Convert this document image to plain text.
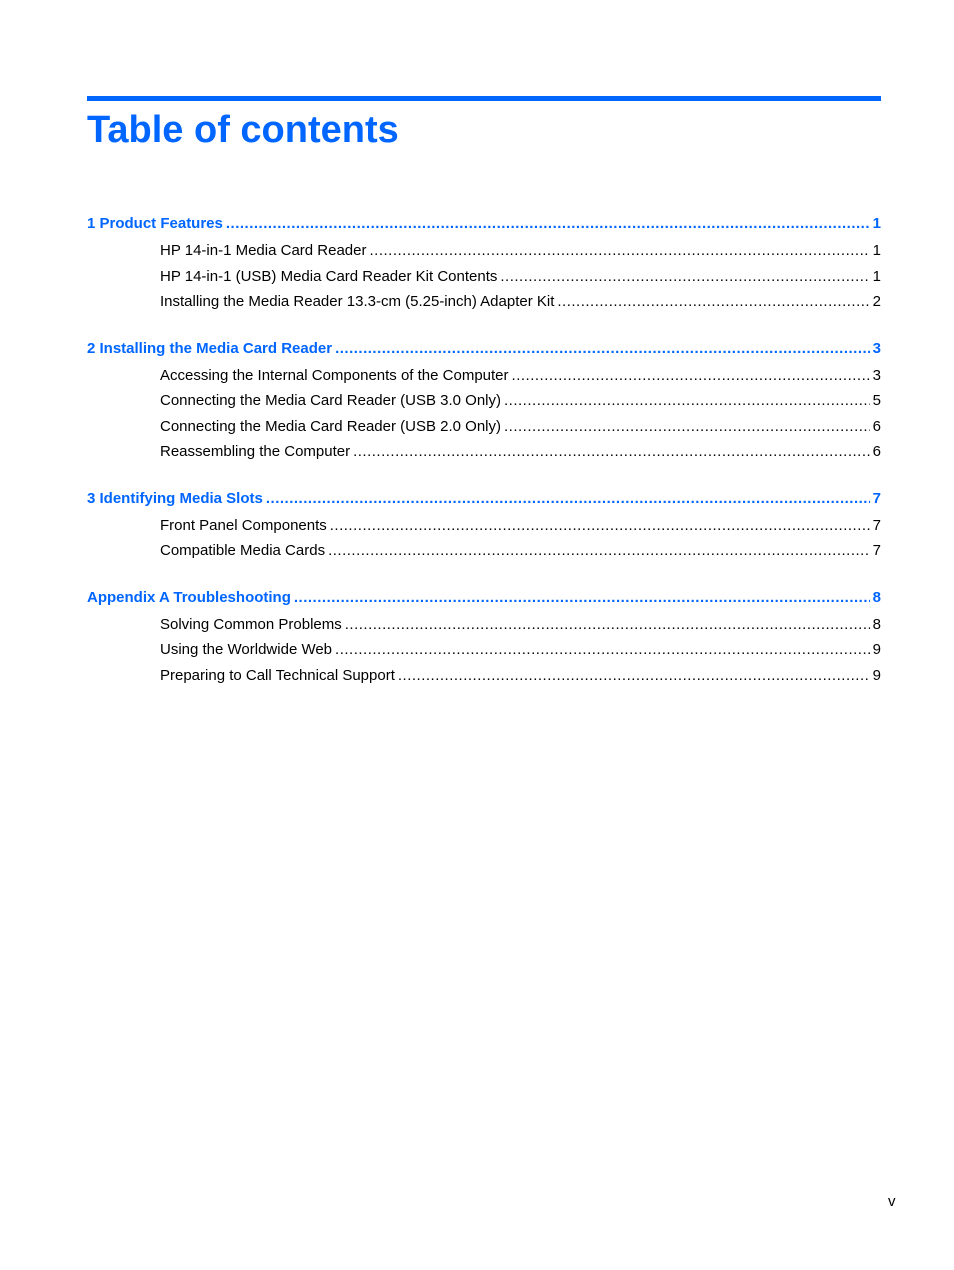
Table of contents
1 Product Features .....	1
HP 14-in-1 Media Card Reader .....	1
HP 14-in-1 (USB) Media Card Reader Kit Contents .....	1
Installing the Media Reader 13.3-cm (5.25-inch) Adapter Kit .....	2
2 Installing the Media Card Reader .....	3
Accessing the Internal Components of the Computer .....	3
Connecting the Media Card Reader (USB 3.0 Only) .....	5
Connecting the Media Card Reader (USB 2.0 Only) .....	6
Reassembling the Computer .....	6
3 Identifying Media Slots .....	7
Front Panel Components .....	7
Compatible Media Cards .....	7
Appendix A Troubleshooting .....	8
Solving Common Problems .....	8
Using the Worldwide Web .....	9
Preparing to Call Technical Support .....	9
v
